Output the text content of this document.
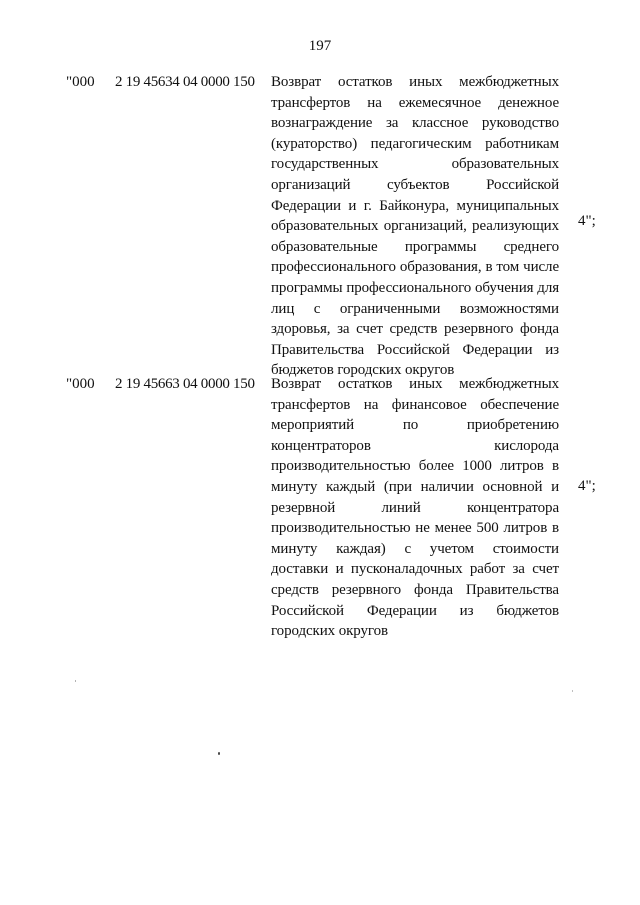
197
"000 2 19 45634 04 0000 150 Возврат остатков иных межбюджетных трансфертов на ежемесячное денежное вознаграждение за классное руководство (кураторство) педагогическим работникам государственных образовательных организаций субъектов Российской Федерации и г. Байконура, муниципальных образовательных организаций, реализующих образовательные программы среднего профессионального образования, в том числе программы профессионального обучения для лиц с ограниченными возможностями здоровья, за счет средств резервного фонда Правительства Российской Федерации из бюджетов городских округов
4";
"000 2 19 45663 04 0000 150 Возврат остатков иных межбюджетных трансфертов на финансовое обеспечение мероприятий по приобретению концентраторов кислорода производительностью более 1000 литров в минуту каждый (при наличии основной и резервной линий концентратора производительностью не менее 500 литров в минуту каждая) с учетом стоимости доставки и пусконаладочных работ за счет средств резервного фонда Правительства Российской Федерации из бюджетов городских округов
4";
